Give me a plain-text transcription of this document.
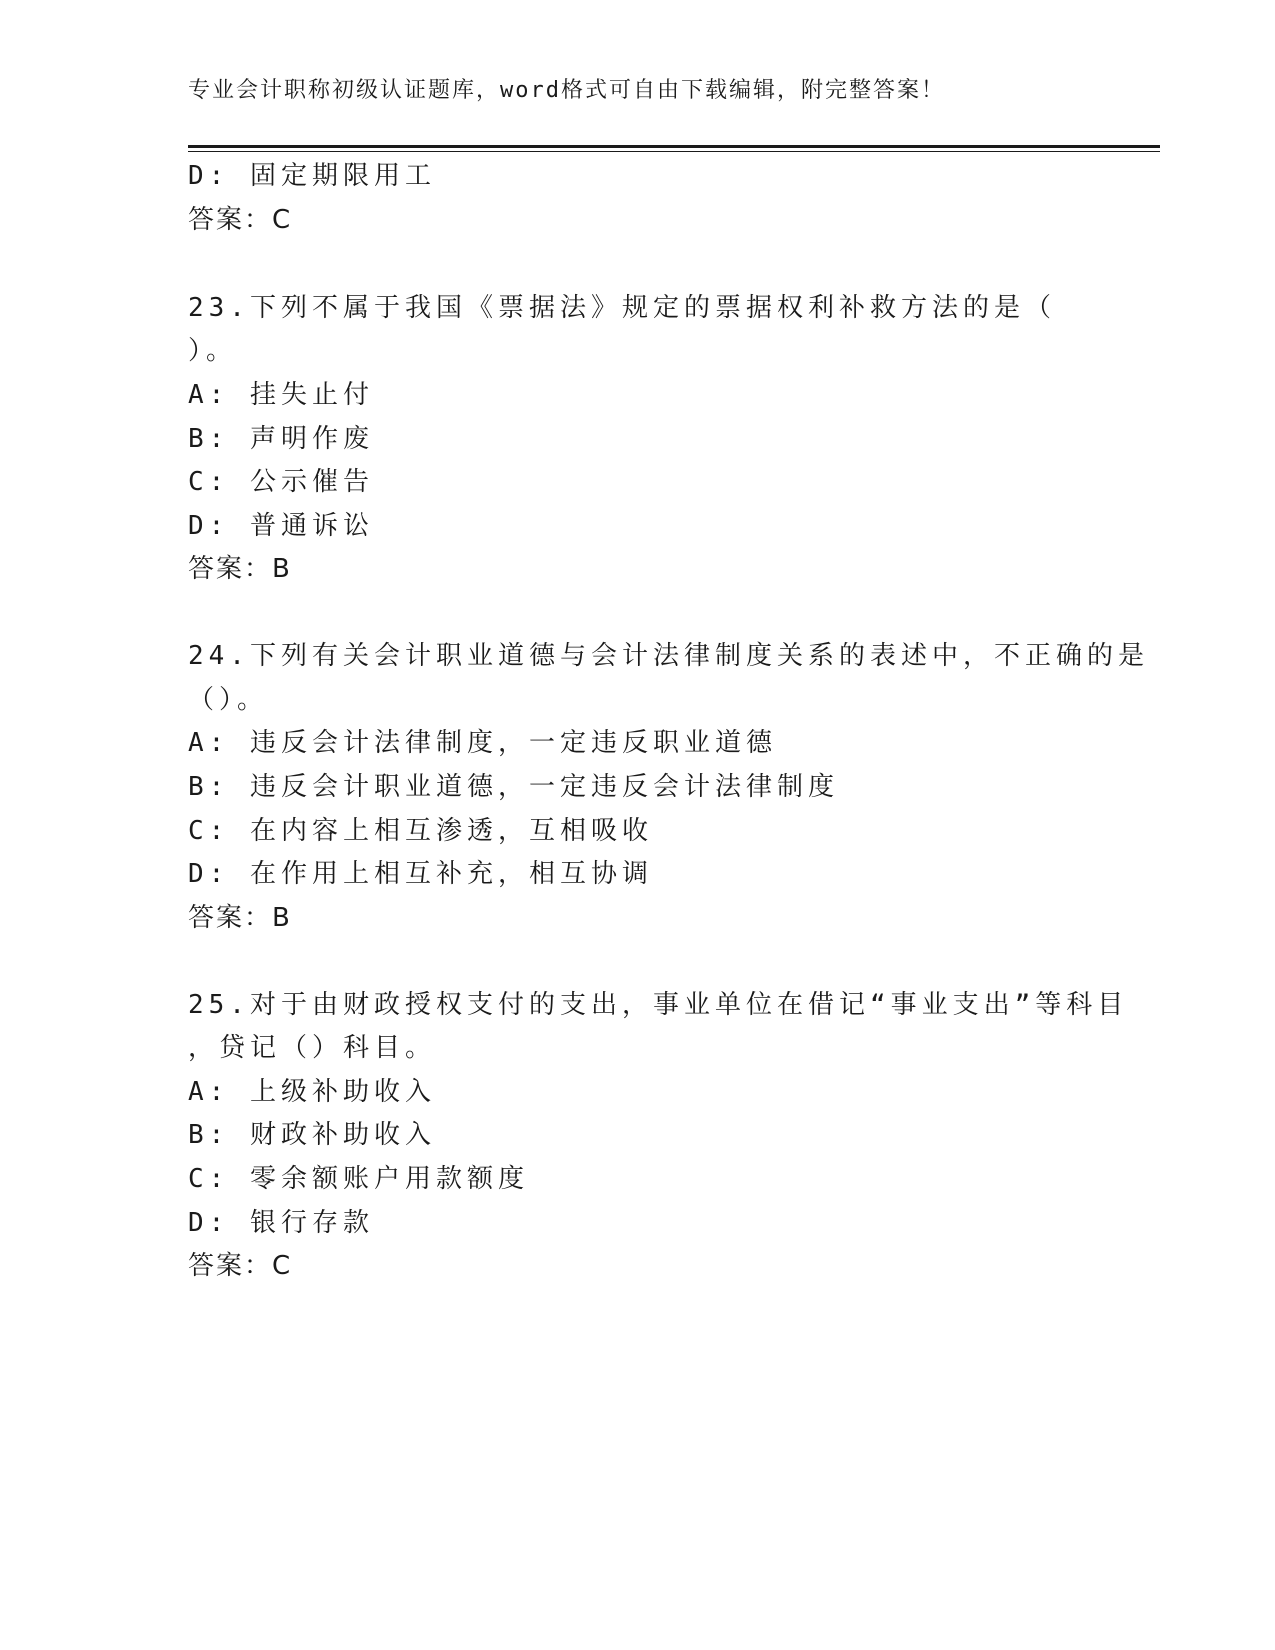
专业会计职称初级认证题库，word格式可自由下载编辑，附完整答案！
D: 固定期限用工
答案：C
23.下列不属于我国《票据法》规定的票据权利补救方法的是（
）。
A: 挂失止付
B: 声明作废
C: 公示催告
D: 普通诉讼
答案：B
24.下列有关会计职业道德与会计法律制度关系的表述中，不正确的是
（）。
A: 违反会计法律制度，一定违反职业道德
B: 违反会计职业道德，一定违反会计法律制度
C: 在内容上相互渗透，互相吸收
D: 在作用上相互补充，相互协调
答案：B
25.对于由财政授权支付的支出，事业单位在借记“事业支出”等科目
，贷记（）科目。
A: 上级补助收入
B: 财政补助收入
C: 零余额账户用款额度
D: 银行存款
答案：C
